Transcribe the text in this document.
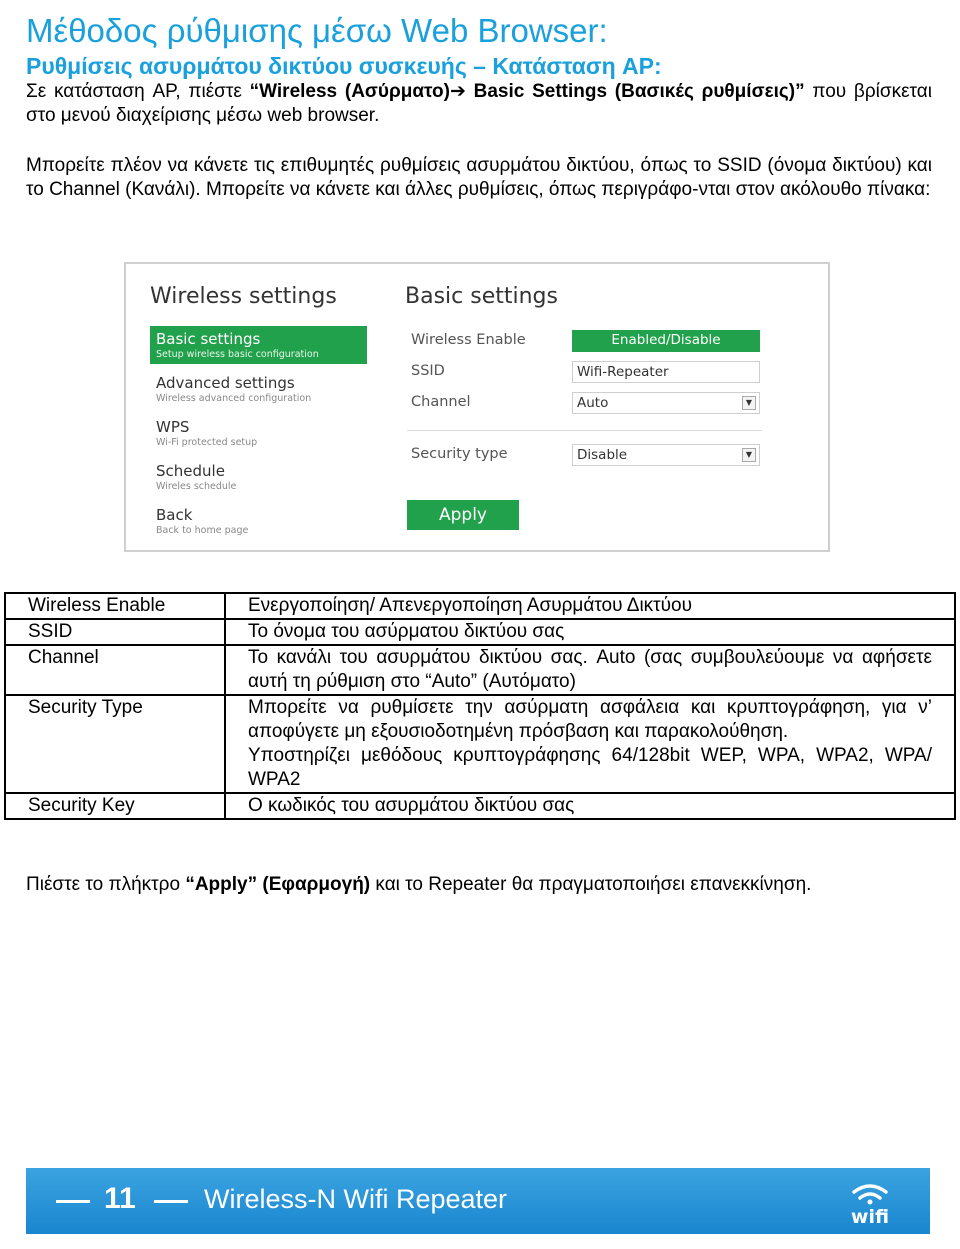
Μέθοδος ρύθμισης μέσω Web Browser:
Ρυθμίσεις ασυρμάτου δικτύου συσκευής – Κατάσταση AP:

Σε κατάσταση AP, πιέστε “Wireless (Ασύρματο)➔ Basic Settings (Βασικές ρυθμίσεις)” που βρίσκεται στο μενού διαχείρισης μέσω web browser.

Μπορείτε πλέον να κάνετε τις επιθυμητές ρυθμίσεις ασυρμάτου δικτύου, όπως το SSID (όνομα δικτύου) και το Channel (Κανάλι). Μπορείτε να κάνετε και άλλες ρυθμίσεις, όπως περιγράφο-νται στον ακόλουθο πίνακα:

Wireless settings	Basic settings
Basic settings
Setup wireless basic configuration
Advanced settings
Wireless advanced configuration
WPS
Wi-Fi protected setup
Schedule
Wireles schedule
Back
Back to home page
Wireless Enable	Enabled/Disable
SSID	Wifi-Repeater
Channel	Auto	▼
Security type	Disable	▼
Apply
Wireless Enable	Ενεργοποίηση/ Απενεργοποίηση Ασυρμάτου Δικτύου

SSID	Το όνομα του ασύρματου δικτύου σας

Channel	Το κανάλι του ασυρμάτου δικτύου σας. Auto (σας συμβουλεύουμε να αφήσετε αυτή τη ρύθμιση στο “Auto” (Αυτόματο)

Security Type	Μπορείτε να ρυθμίσετε την ασύρματη ασφάλεια και κρυπτογράφηση, για ν’ αποφύγετε μη εξουσιοδοτημένη πρόσβαση και παρακολούθηση.
Υποστηρίζει μεθόδους κρυπτογράφησης 64/128bit WEP, WPA, WPA2, WPA/ WPA2

Security Key	Ο κωδικός του ασυρμάτου δικτύου σας

Πιέστε το πλήκτρο “Apply” (Εφαρμογή) και το Repeater θα πραγματοποιήσει επανεκκίνηση.

11	Wireless-N Wifi Repeater
wifi
